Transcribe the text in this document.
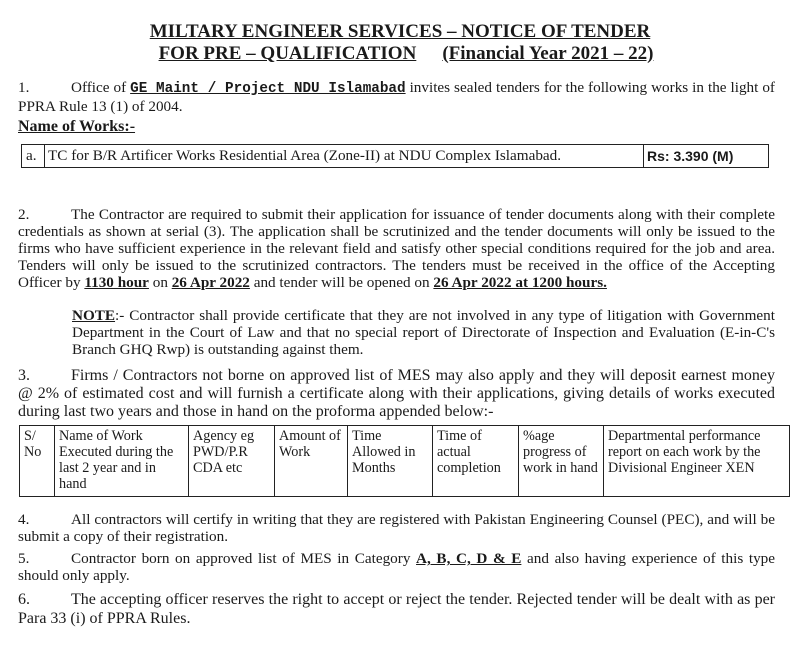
MILTARY ENGINEER SERVICES – NOTICE OF TENDER
FOR PRE – QUALIFICATION (Financial Year 2021 – 22)
1.	Office of GE Maint / Project NDU Islamabad invites sealed tenders for the following works in the light of PPRA Rule 13 (1) of 2004.
Name of Works:-
a.	TC for B/R Artificer Works Residential Area (Zone-II) at NDU Complex Islamabad.	Rs: 3.390 (M)
2.	The Contractor are required to submit their application for issuance of tender documents along with their complete credentials as shown at serial (3). The application shall be scrutinized and the tender documents will only be issued to the firms who have sufficient experience in the relevant field and satisfy other special conditions required for the job and area. Tenders will only be issued to the scrutinized contractors. The tenders must be received in the office of the Accepting Officer by 1130 hour on 26 Apr 2022 and tender will be opened on 26 Apr 2022 at 1200 hours.
NOTE:- Contractor shall provide certificate that they are not involved in any type of litigation with Government Department in the Court of Law and that no special report of Directorate of Inspection and Evaluation (E-in-C's Branch GHQ Rwp) is outstanding against them.
3.	Firms / Contractors not borne on approved list of MES may also apply and they will deposit earnest money @ 2% of estimated cost and will furnish a certificate along with their applications, giving details of works executed during last two years and those in hand on the proforma appended below:-
S/ No	Name of Work Executed during the last 2 year and in hand	Agency eg PWD/P.R CDA etc	Amount of Work	Time Allowed in Months	Time of actual completion	%age progress of work in hand	Departmental performance report on each work by the Divisional Engineer XEN
4.	All contractors will certify in writing that they are registered with Pakistan Engineering Counsel (PEC), and will be submit a copy of their registration.
5.	Contractor born on approved list of MES in Category A, B, C, D & E and also having experience of this type should only apply.
6.	The accepting officer reserves the right to accept or reject the tender. Rejected tender will be dealt with as per Para 33 (i) of PPRA Rules.
